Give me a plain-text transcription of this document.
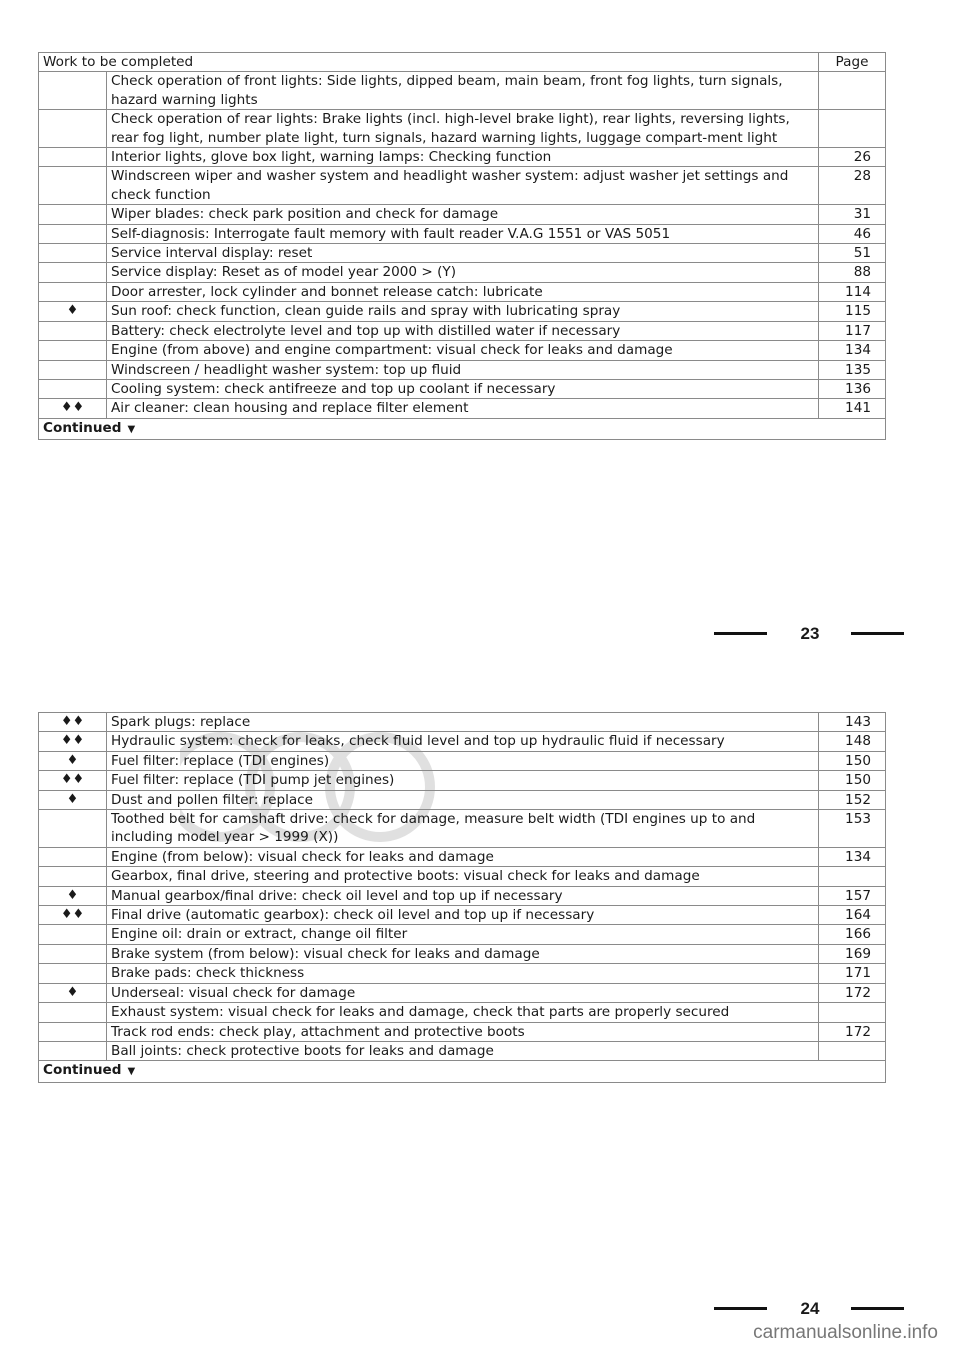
Work to be completed		Page
	Check operation of front lights: Side lights, dipped beam, main beam, front fog lights, turn signals, hazard warning lights	
	Check operation of rear lights: Brake lights (incl. high-level brake light), rear lights, reversing lights, rear fog light, number plate light, turn signals, hazard warning lights, luggage compart-ment light	
	Interior lights, glove box light, warning lamps: Checking function	26
	Windscreen wiper and washer system and headlight washer system: adjust washer jet settings and check function	28
	Wiper blades: check park position and check for damage	31
	Self-diagnosis: Interrogate fault memory with fault reader V.A.G 1551 or VAS 5051	46
	Service interval display: reset	51
	Service display: Reset as of model year 2000 > (Y)	88
	Door arrester, lock cylinder and bonnet release catch: lubricate	114
♦	Sun roof: check function, clean guide rails and spray with lubricating spray	115
	Battery: check electrolyte level and top up with distilled water if necessary	117
	Engine (from above) and engine compartment: visual check for leaks and damage	134
	Windscreen / headlight washer system: top up fluid	135
	Cooling system: check antifreeze and top up coolant if necessary	136
♦♦	Air cleaner: clean housing and replace filter element	141
Continued ▼		
23
♦♦	Spark plugs: replace	143
♦♦	Hydraulic system: check for leaks, check fluid level and top up hydraulic fluid if necessary	148
♦	Fuel filter: replace (TDI engines)	150
♦♦	Fuel filter: replace (TDI pump jet engines)	150
♦	Dust and pollen filter: replace	152
	Toothed belt for camshaft drive: check for damage, measure belt width (TDI engines up to and including model year > 1999 (X))	153
	Engine (from below): visual check for leaks and damage	134
	Gearbox, final drive, steering and protective boots: visual check for leaks and damage	
♦	Manual gearbox/final drive: check oil level and top up if necessary	157
♦♦	Final drive (automatic gearbox): check oil level and top up if necessary	164
	Engine oil: drain or extract, change oil filter	166
	Brake system (from below): visual check for leaks and damage	169
	Brake pads: check thickness	171
♦	Underseal: visual check for damage	172
	Exhaust system: visual check for leaks and damage, check that parts are properly secured	
	Track rod ends: check play, attachment and protective boots	172
	Ball joints: check protective boots for leaks and damage	
Continued ▼		
24
carmanualsonline.info
